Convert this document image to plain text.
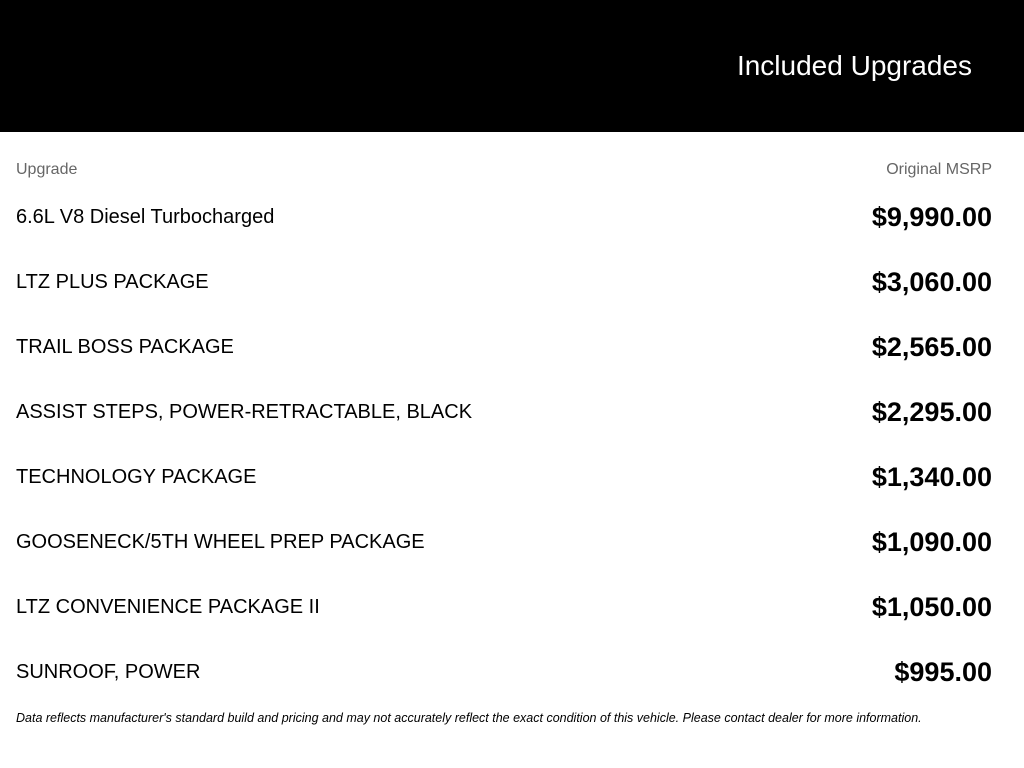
Included Upgrades
Upgrade	Original MSRP
6.6L V8 Diesel Turbocharged	$9,990.00
LTZ PLUS PACKAGE	$3,060.00
TRAIL BOSS PACKAGE	$2,565.00
ASSIST STEPS, POWER-RETRACTABLE, BLACK	$2,295.00
TECHNOLOGY PACKAGE	$1,340.00
GOOSENECK/5TH WHEEL PREP PACKAGE	$1,090.00
LTZ CONVENIENCE PACKAGE II	$1,050.00
SUNROOF, POWER	$995.00
Data reflects manufacturer's standard build and pricing and may not accurately reflect the exact condition of this vehicle. Please contact dealer for more information.
